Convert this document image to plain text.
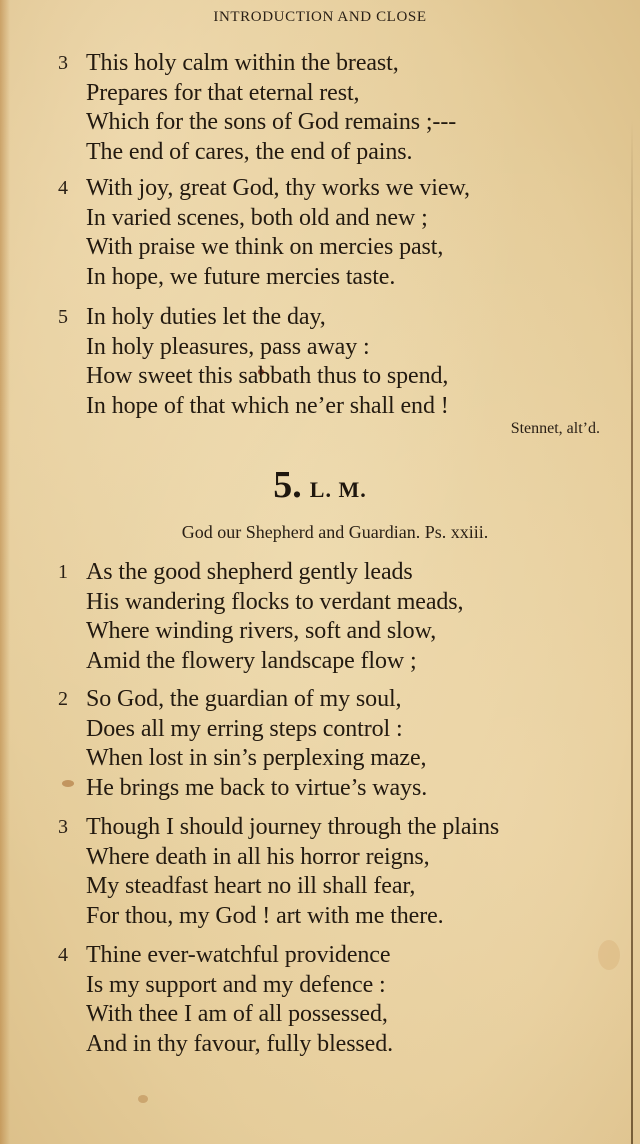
INTRODUCTION AND CLOSE
3 This holy calm within the breast,
Prepares for that eternal rest,
Which for the sons of God remains ;---
The end of cares, the end of pains.
4 With joy, great God, thy works we view,
In varied scenes, both old and new ;
With praise we think on mercies past,
In hope, we future mercies taste.
5 In holy duties let the day,
In holy pleasures, pass away :
How sweet this sabbath thus to spend,
In hope of that which ne’er shall end !
Stennet, alt’d.
5. L. M.
God our Shepherd and Guardian. Ps. xxiii.
1 As the good shepherd gently leads
His wandering flocks to verdant meads,
Where winding rivers, soft and slow,
Amid the flowery landscape flow ;
2 So God, the guardian of my soul,
Does all my erring steps control :
When lost in sin’s perplexing maze,
He brings me back to virtue’s ways.
3 Though I should journey through the plains
Where death in all his horror reigns,
My steadfast heart no ill shall fear,
For thou, my God ! art with me there.
4 Thine ever-watchful providence
Is my support and my defence :
With thee I am of all possessed,
And in thy favour, fully blessed.
